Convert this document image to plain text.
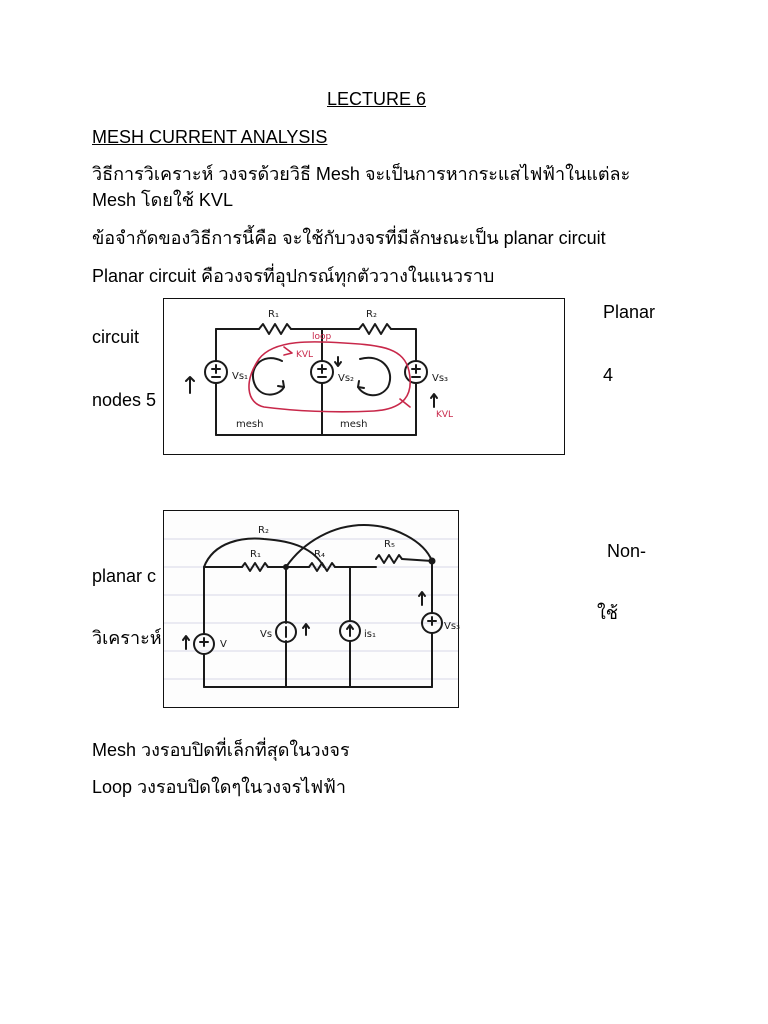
LECTURE 6
MESH CURRENT ANALYSIS
วิธีการวิเคราะห์ วงจรด้วยวิธี Mesh จะเป็นการหากระแสไฟฟ้าในแต่ละ
Mesh โดยใช้ KVL
ข้อจำกัดของวิธีการนี้คือ จะใช้กับวงจรที่มีลักษณะเป็น planar circuit
Planar circuit คือวงจรที่อุปกรณ์ทุกตัววางในแนวราบ
Planar
circuit
4
nodes 5
Non-
planar c
ใช้
วิเคราะห์
R₁	R₂
Vs₁	Vs₂	Vs₃
mesh	mesh
KVL
loop
KVL
R₂
R₁	R₄
R₅
V
Vs	is₁
Vs₃
Mesh วงรอบปิดที่เล็กที่สุดในวงจร
Loop วงรอบปิดใดๆในวงจรไฟฟ้า
